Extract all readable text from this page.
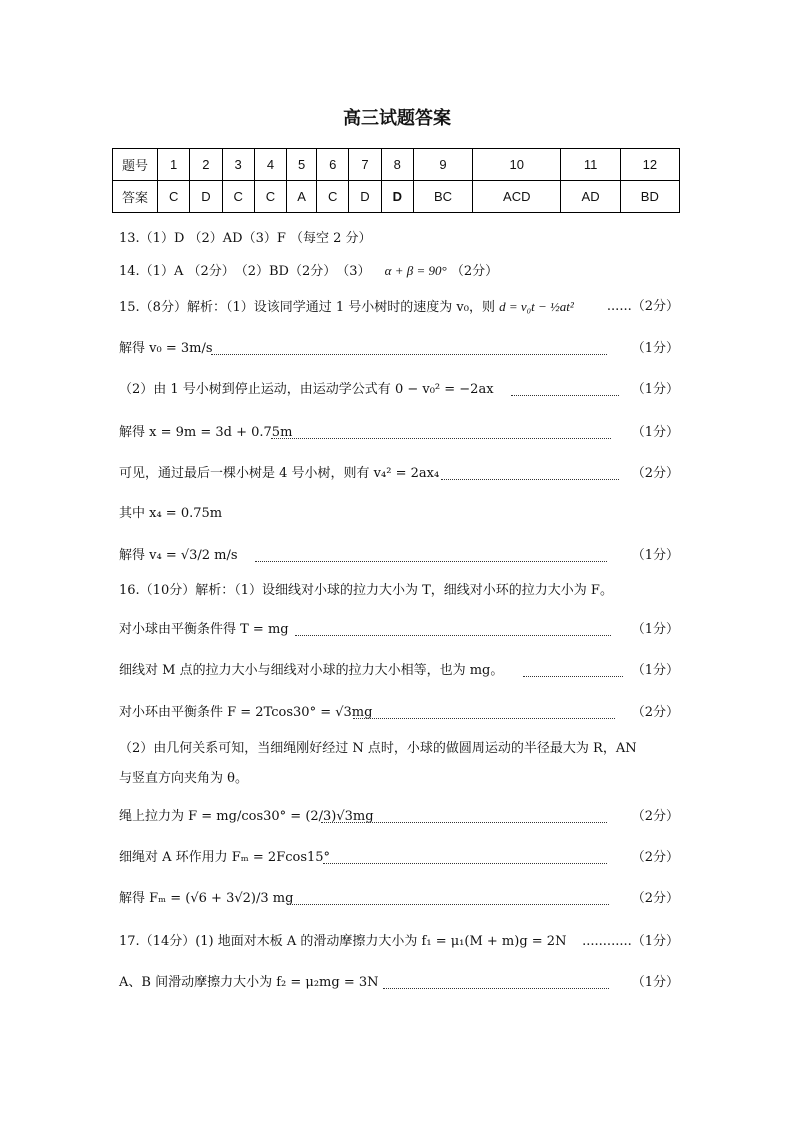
高三试题答案
题号	1	2	3	4	5	6	7	8	9	10	11	12
答案	C	D	C	C	A	C	D	D	BC	ACD	AD	BD
13.（1）D （2）AD（3）F （每空 2 分）
14.（1）A （2分）　（2）BD（2分）　（3） α + β = 90° （2分）
15.（8分）解析：（1）设该同学通过 1 号小树时的速度为 v₀，则 d = v₀t − ½at²	......（2分）
解得 v₀ = 3m/s	（1分）
（2）由 1 号小树到停止运动，由运动学公式有 0 − v₀² = −2ax	（1分）
解得 x = 9m = 3d + 0.75m	（1分）
可见，通过最后一棵小树是 4 号小树，则有 v₄² = 2ax₄	（2分）
其中 x₄ = 0.75m
解得 v₄ = √3/2 m/s	（1分）
16.（10分）解析：（1）设细线对小球的拉力大小为 T，细线对小环的拉力大小为 F。
对小球由平衡条件得 T = mg	（1分）
细线对 M 点的拉力大小与细线对小球的拉力大小相等，也为 mg。	（1分）
对小环由平衡条件 F = 2Tcos30° = √3mg	（2分）
（2）由几何关系可知，当细绳刚好经过 N 点时，小球的做圆周运动的半径最大为 R，AN
与竖直方向夹角为 θ。
绳上拉力为 F = mg/cos30° = (2/3)√3mg	（2分）
细绳对 A 环作用力 Fₘ = 2Fcos15°	（2分）
解得 Fₘ = (√6 + 3√2)/3 mg	（2分）
17.（14分）(1) 地面对木板 A 的滑动摩擦力大小为 f₁ = μ₁(M + m)g = 2N ............（1分）
A、B 间滑动摩擦力大小为 f₂ = μ₂mg = 3N	（1分）
